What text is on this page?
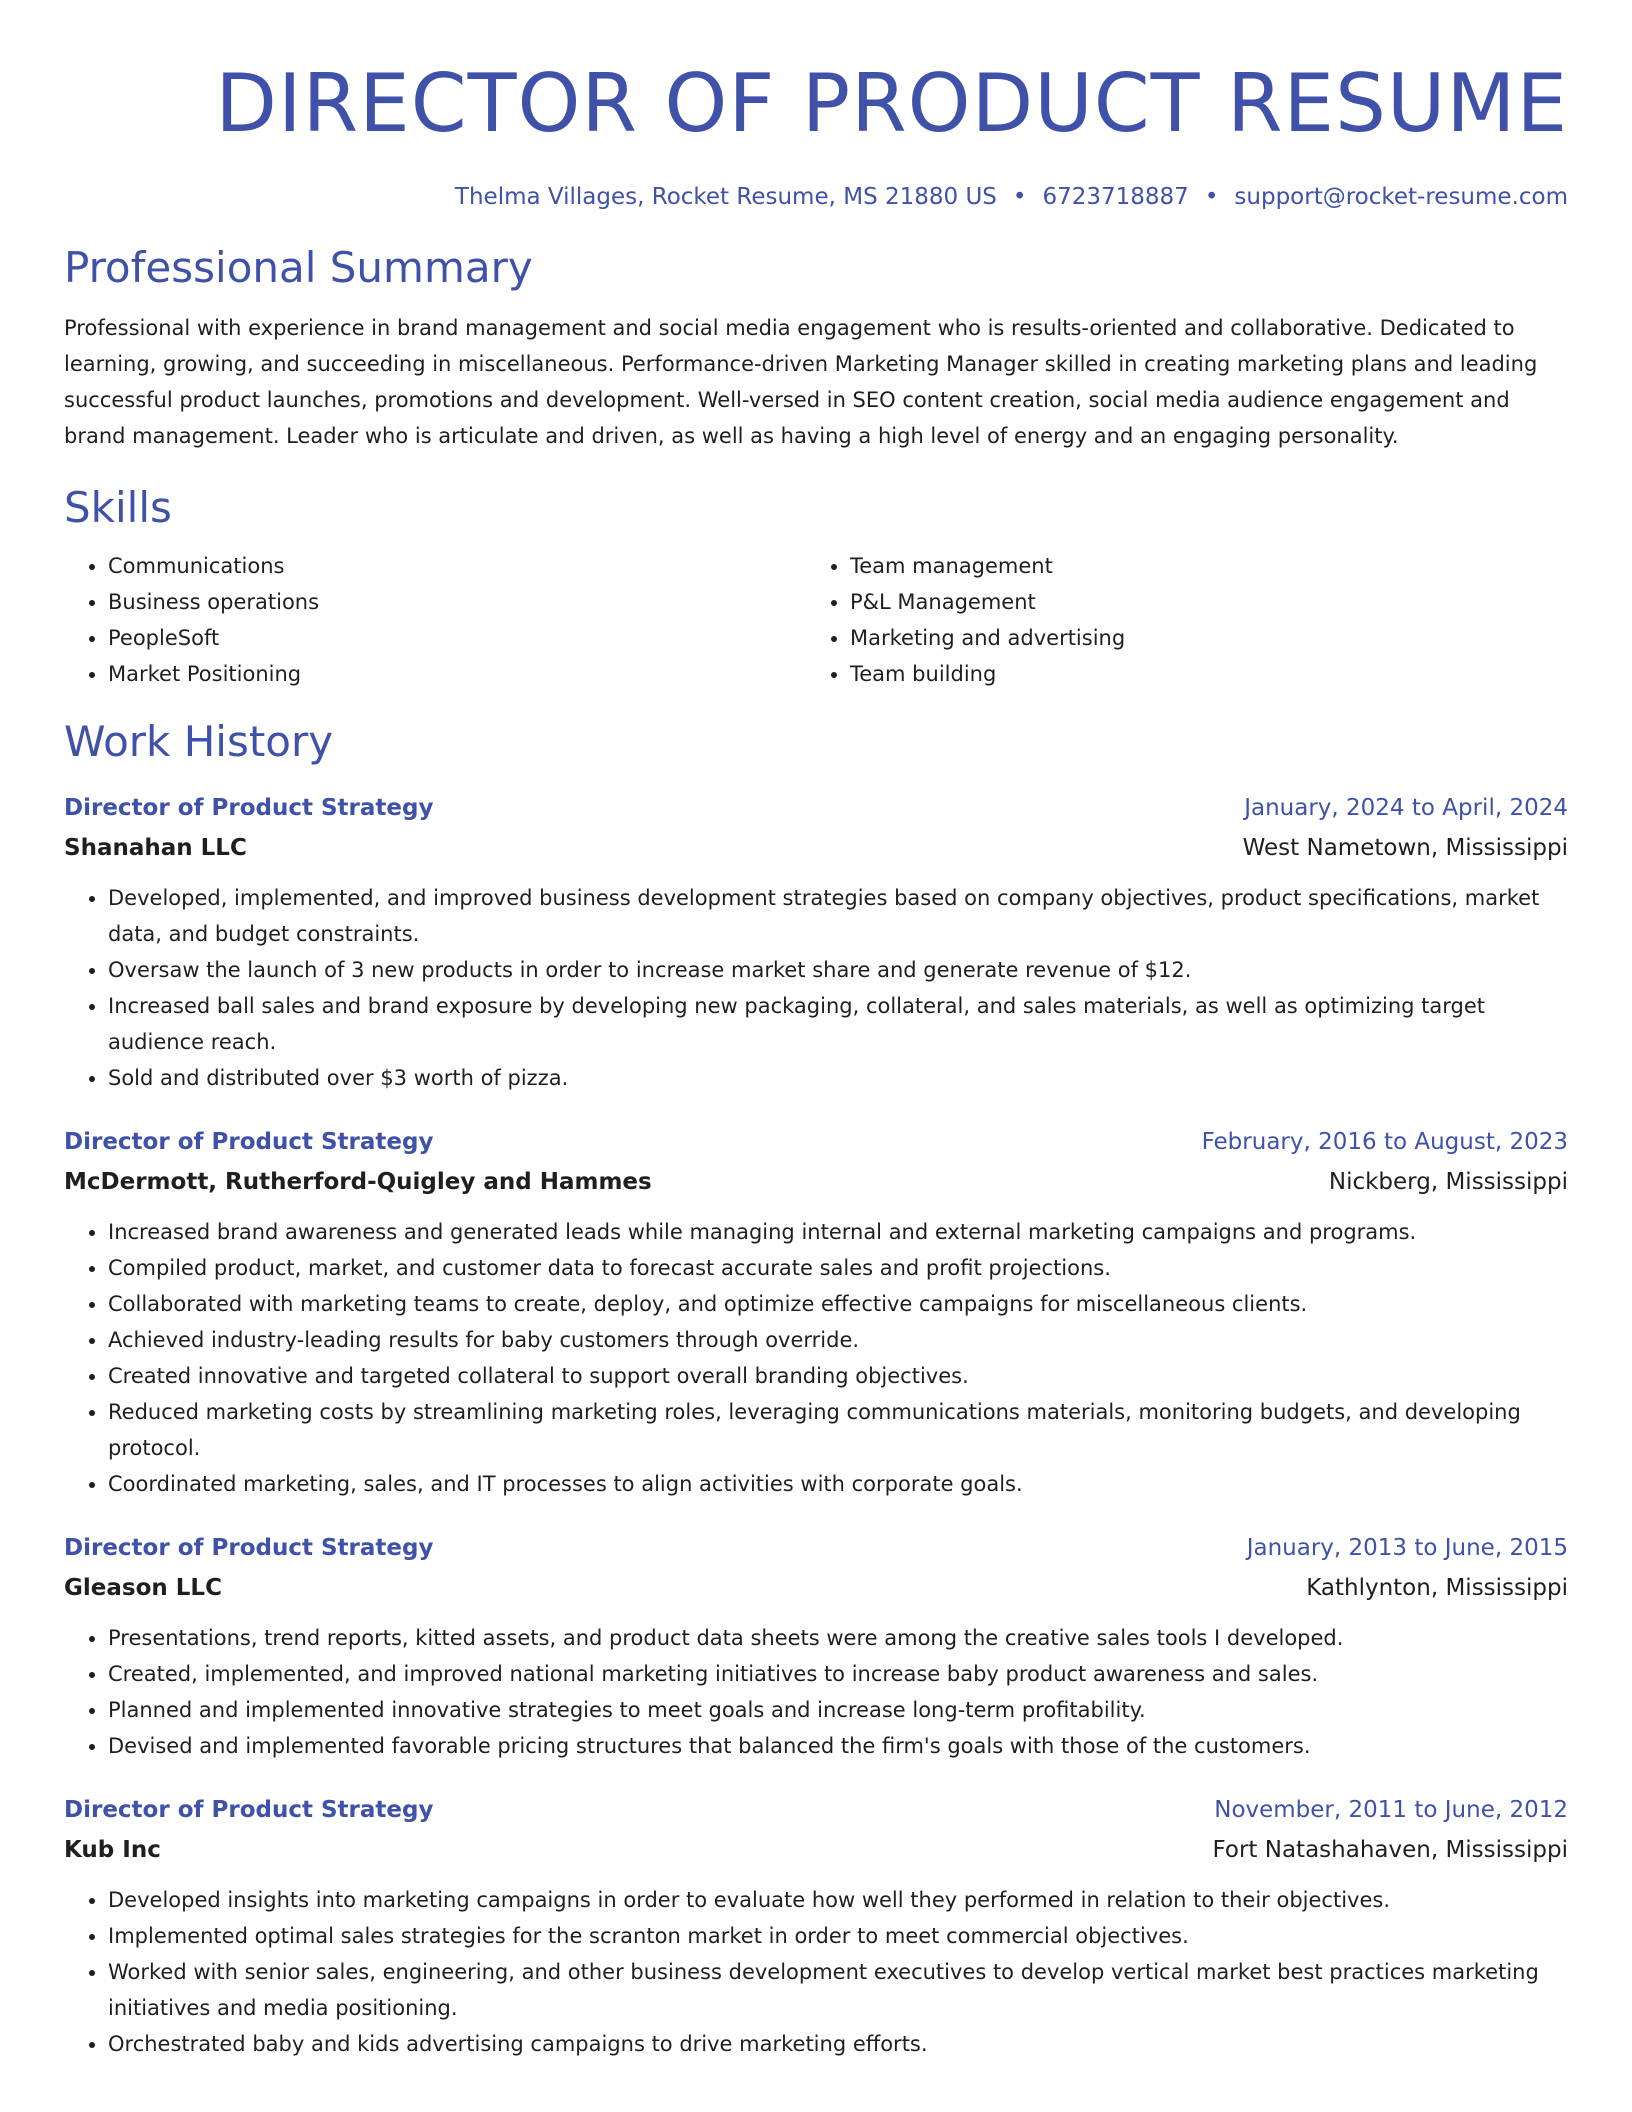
DIRECTOR OF PRODUCT RESUME
Thelma Villages, Rocket Resume, MS 21880 US • 6723718887 • support@rocket-resume.com
Professional Summary

Professional with experience in brand management and social media engagement who is results-oriented and collaborative. Dedicated to learning, growing, and succeeding in miscellaneous. Performance-driven Marketing Manager skilled in creating marketing plans and leading successful product launches, promotions and development. Well-versed in SEO content creation, social media audience engagement and brand management. Leader who is articulate and driven, as well as having a high level of energy and an engaging personality.

Skills
• Communications
• Business operations
• PeopleSoft
• Market Positioning
• Team management
• P&L Management
• Marketing and advertising
• Team building
Work History
Director of Product Strategy	January, 2024 to April, 2024
Shanahan LLC	West Nametown, Mississippi
• Developed, implemented, and improved business development strategies based on company objectives, product specifications, market data, and budget constraints.
• Oversaw the launch of 3 new products in order to increase market share and generate revenue of $12.
• Increased ball sales and brand exposure by developing new packaging, collateral, and sales materials, as well as optimizing target audience reach.
• Sold and distributed over $3 worth of pizza.
Director of Product Strategy	February, 2016 to August, 2023
McDermott, Rutherford-Quigley and Hammes	Nickberg, Mississippi
• Increased brand awareness and generated leads while managing internal and external marketing campaigns and programs.
• Compiled product, market, and customer data to forecast accurate sales and profit projections.
• Collaborated with marketing teams to create, deploy, and optimize effective campaigns for miscellaneous clients.
• Achieved industry-leading results for baby customers through override.
• Created innovative and targeted collateral to support overall branding objectives.
• Reduced marketing costs by streamlining marketing roles, leveraging communications materials, monitoring budgets, and developing protocol.
• Coordinated marketing, sales, and IT processes to align activities with corporate goals.
Director of Product Strategy	January, 2013 to June, 2015
Gleason LLC	Kathlynton, Mississippi
• Presentations, trend reports, kitted assets, and product data sheets were among the creative sales tools I developed.
• Created, implemented, and improved national marketing initiatives to increase baby product awareness and sales.
• Planned and implemented innovative strategies to meet goals and increase long-term profitability.
• Devised and implemented favorable pricing structures that balanced the firm's goals with those of the customers.
Director of Product Strategy	November, 2011 to June, 2012
Kub Inc	Fort Natashahaven, Mississippi
• Developed insights into marketing campaigns in order to evaluate how well they performed in relation to their objectives.
• Implemented optimal sales strategies for the scranton market in order to meet commercial objectives.
• Worked with senior sales, engineering, and other business development executives to develop vertical market best practices marketing initiatives and media positioning.
• Orchestrated baby and kids advertising campaigns to drive marketing efforts.
